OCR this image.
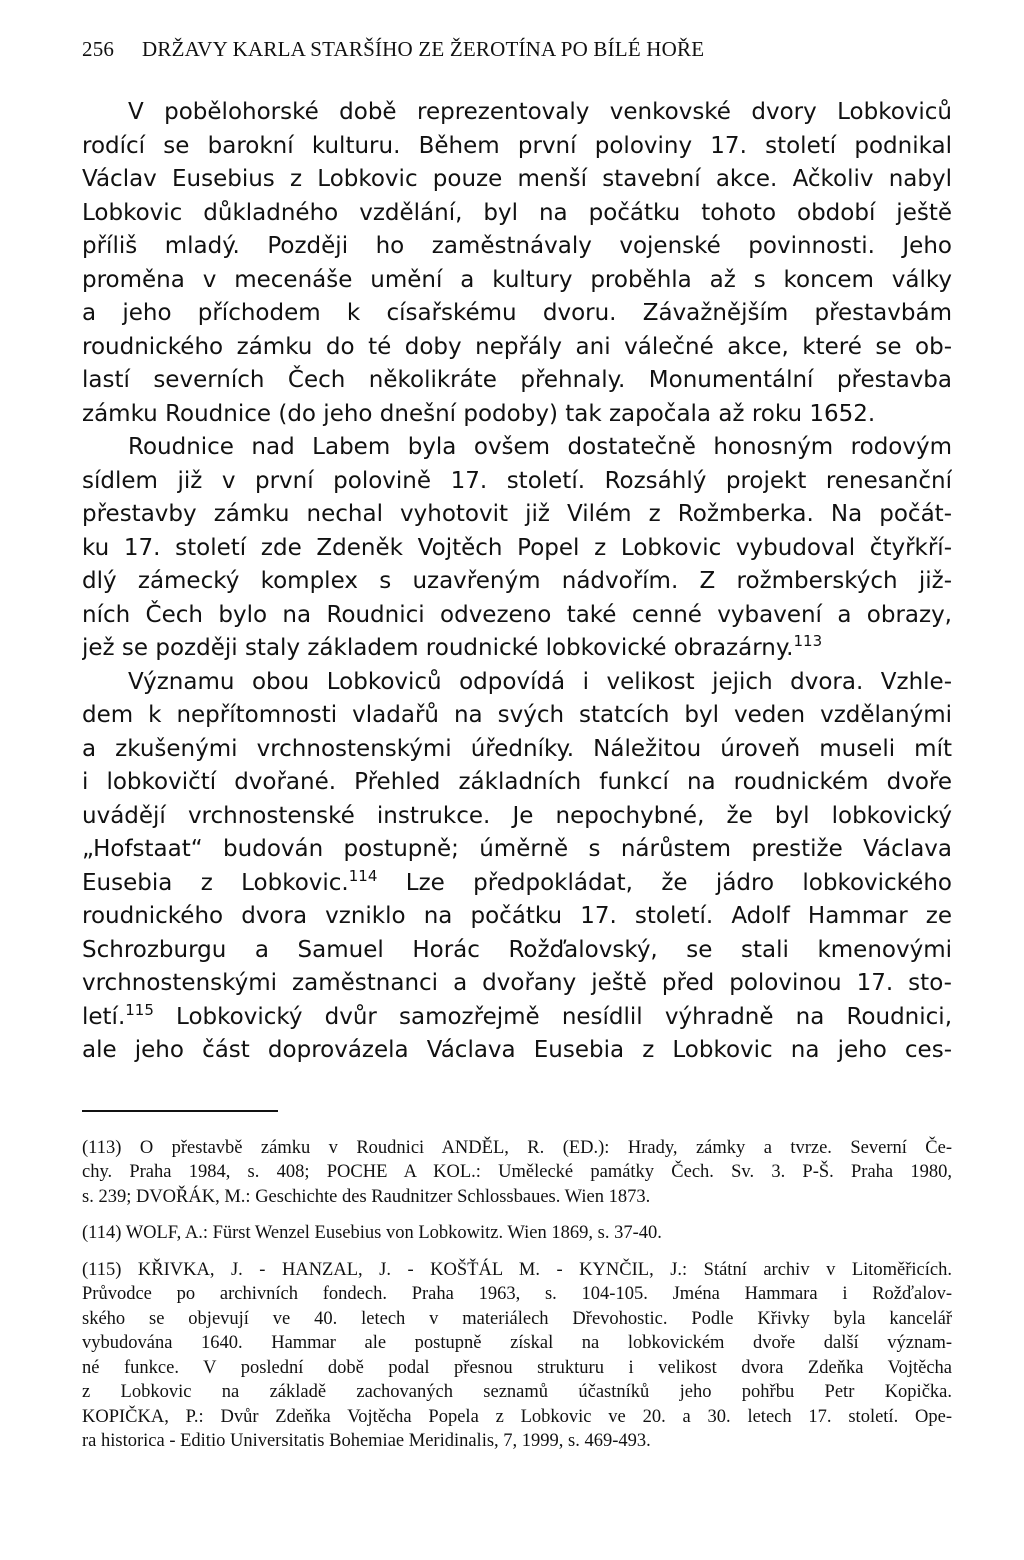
256 DRŽAVY KARLA STARŠÍHO ZE ŽEROTÍNA PO BÍLÉ HOŘE
V pobělohorské době reprezentovaly venkovské dvory Lobkoviců
rodící se barokní kulturu. Během první poloviny 17. století podnikal
Václav Eusebius z Lobkovic pouze menší stavební akce. Ačkoliv nabyl
Lobkovic důkladného vzdělání, byl na počátku tohoto období ještě
příliš mladý. Později ho zaměstnávaly vojenské povinnosti. Jeho
proměna v mecenáše umění a kultury proběhla až s koncem války
a jeho příchodem k císařskému dvoru. Závažnějším přestavbám
roudnického zámku do té doby nepřály ani válečné akce, které se ob-
lastí severních Čech několikráte přehnaly. Monumentální přestavba
zámku Roudnice (do jeho dnešní podoby) tak započala až roku 1652.
Roudnice nad Labem byla ovšem dostatečně honosným rodovým
sídlem již v první polovině 17. století. Rozsáhlý projekt renesanční
přestavby zámku nechal vyhotovit již Vilém z Rožmberka. Na počát-
ku 17. století zde Zdeněk Vojtěch Popel z Lobkovic vybudoval čtyřkří-
dlý zámecký komplex s uzavřeným nádvořím. Z rožmberských již-
ních Čech bylo na Roudnici odvezeno také cenné vybavení a obrazy,
jež se později staly základem roudnické lobkovické obrazárny.$^{113}$
Významu obou Lobkoviců odpovídá i velikost jejich dvora. Vzhle-
dem k nepřítomnosti vladařů na svých statcích byl veden vzdělanými
a zkušenými vrchnostenskými úředníky. Náležitou úroveň museli mít
i lobkovičtí dvořané. Přehled základních funkcí na roudnickém dvoře
uvádějí vrchnostenské instrukce. Je nepochybné, že byl lobkovický
„Hofstaat“ budován postupně; úměrně s nárůstem prestiže Václava
Eusebia z Lobkovic.$^{114}$ Lze předpokládat, že jádro lobkovického
roudnického dvora vzniklo na počátku 17. století. Adolf Hammar ze
Schrozburgu a Samuel Horác Rožďalovský, se stali kmenovými
vrchnostenskými zaměstnanci a dvořany ještě před polovinou 17. sto-
letí.$^{115}$ Lobkovický dvůr samozřejmě nesídlil výhradně na Roudnici,
ale jeho část doprovázela Václava Eusebia z Lobkovic na jeho ces-
(113) O přestavbě zámku v Roudnici ANDĚL, R. (ED.): Hrady, zámky a tvrze. Severní Če-
chy. Praha 1984, s. 408; POCHE A KOL.: Umělecké památky Čech. Sv. 3. P-Š. Praha 1980,
s. 239; DVOŘÁK, M.: Geschichte des Raudnitzer Schlossbaues. Wien 1873.
(114) WOLF, A.: Fürst Wenzel Eusebius von Lobkowitz. Wien 1869, s. 37-40.
(115) KŘIVKA, J. - HANZAL, J. - KOŠŤÁL M. - KYNČIL, J.: Státní archiv v Litoměřicích.
Průvodce po archivních fondech. Praha 1963, s. 104-105. Jména Hammara i Rožďalov-
ského se objevují ve 40. letech v materiálech Dřevohostic. Podle Křivky byla kancelář
vybudována 1640. Hammar ale postupně získal na lobkovickém dvoře další význam-
né funkce. V poslední době podal přesnou strukturu i velikost dvora Zdeňka Vojtěcha
z Lobkovic na základě zachovaných seznamů účastníků jeho pohřbu Petr Kopička.
KOPIČKA, P.: Dvůr Zdeňka Vojtěcha Popela z Lobkovic ve 20. a 30. letech 17. století. Ope-
ra historica - Editio Universitatis Bohemiae Meridinalis, 7, 1999, s. 469-493.
